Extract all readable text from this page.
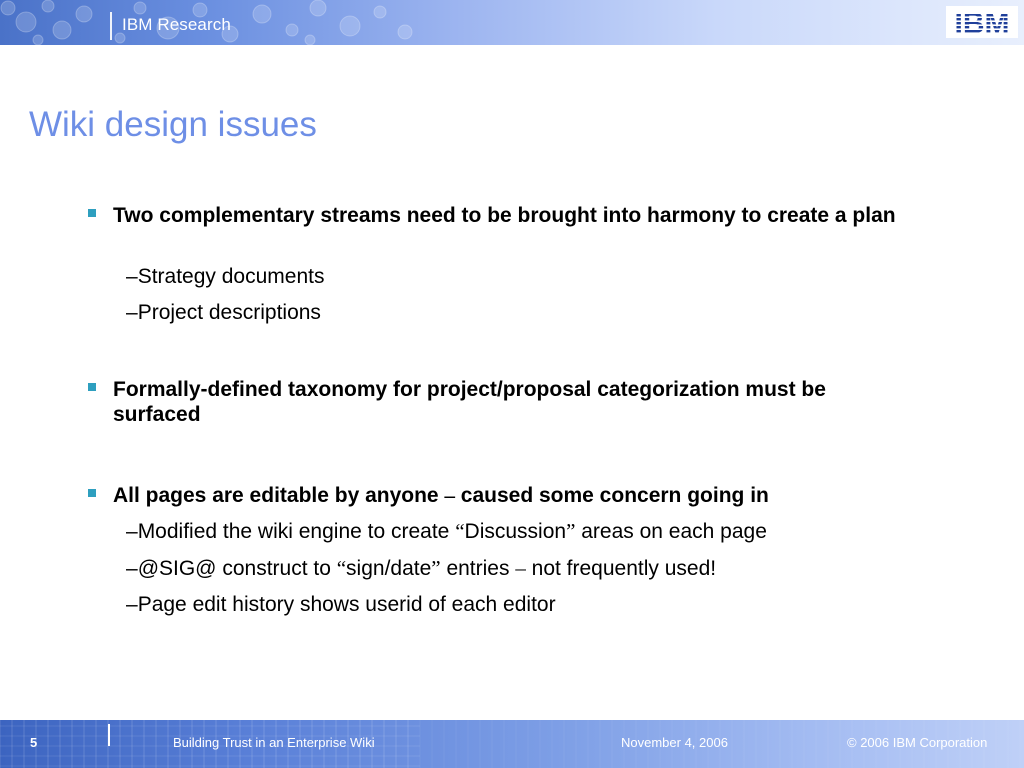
IBM Research	IBM
Wiki design issues
Two complementary streams need to be brought into harmony to create a plan
–Strategy documents
–Project descriptions
Formally-defined taxonomy for project/proposal categorization must be surfaced
All pages are editable by anyone – caused some concern going in
–Modified the wiki engine to create “Discussion” areas on each page
–@SIG@ construct to “sign/date” entries – not frequently used!
–Page edit history shows userid of each editor
5	Building Trust in an Enterprise Wiki	November 4, 2006	© 2006 IBM Corporation
